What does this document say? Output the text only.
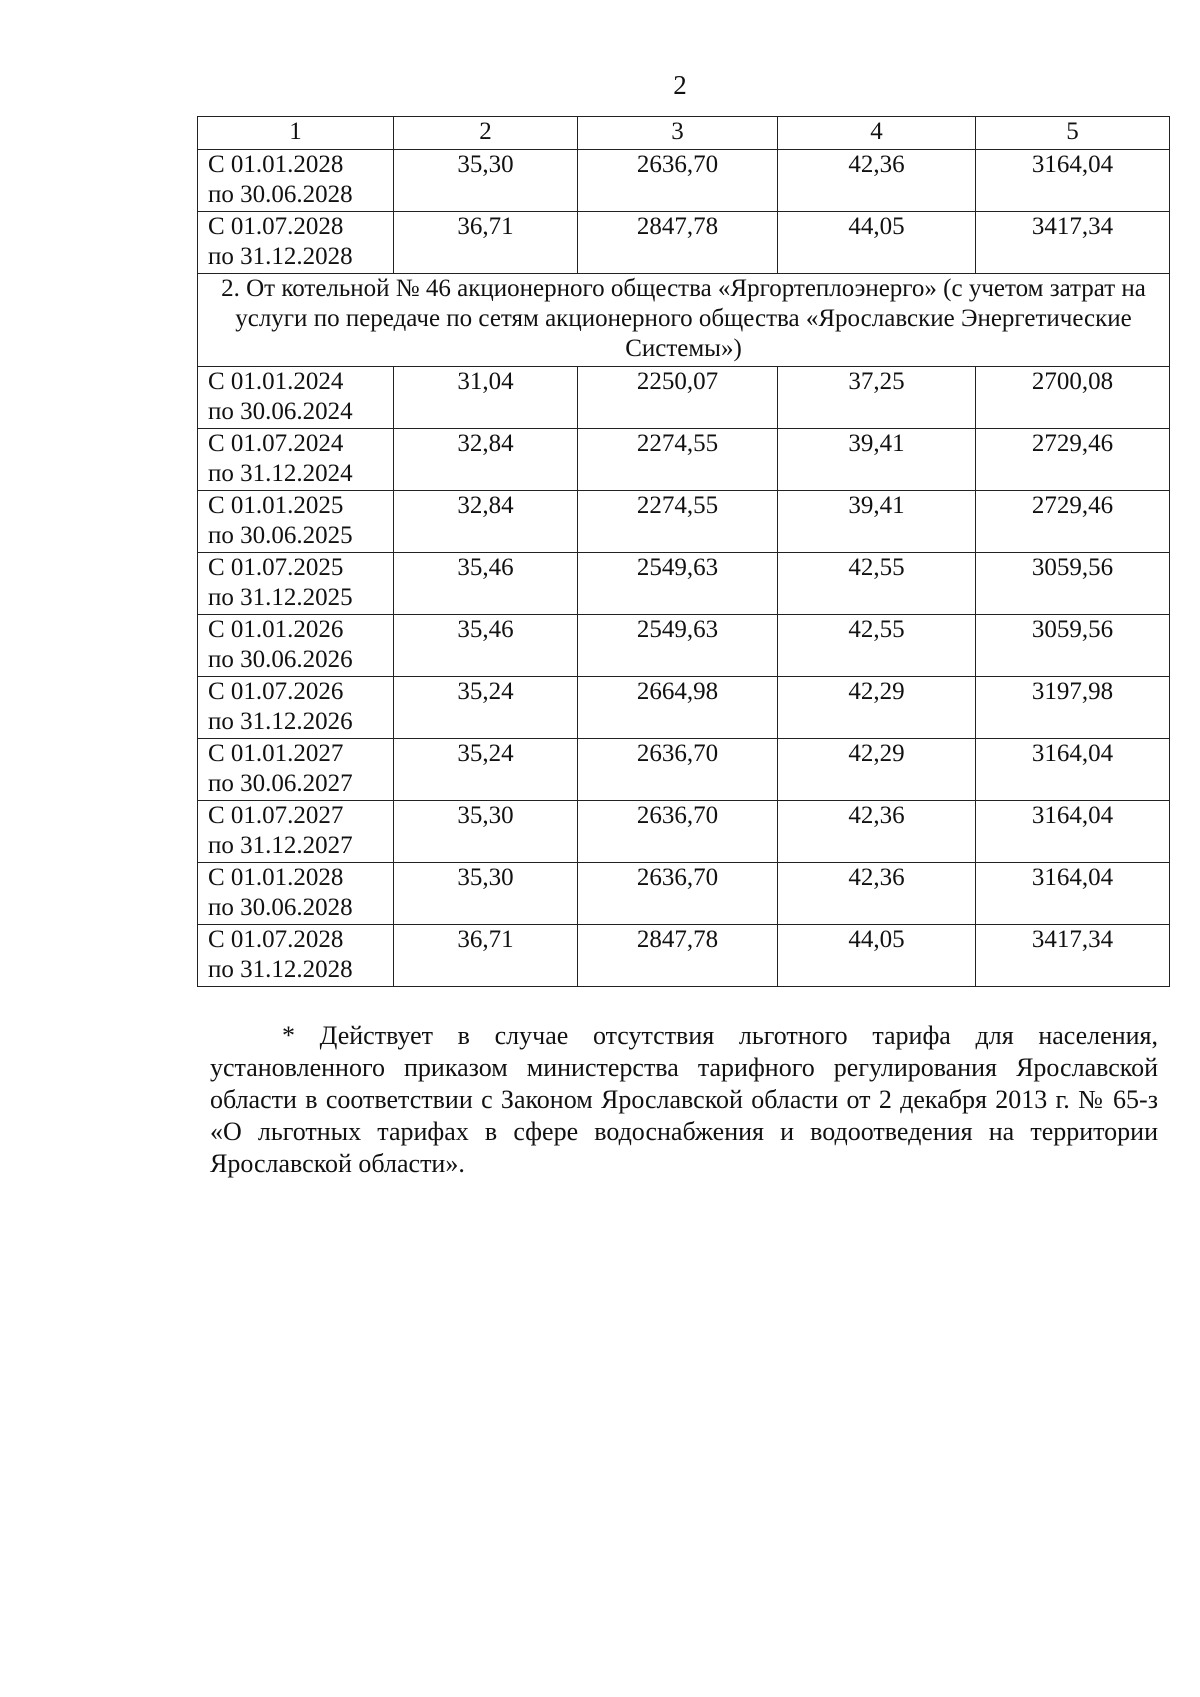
2
1	2	3	4	5

С 01.01.2028
по 30.06.2028	35,30	2636,70	42,36	3164,04

С 01.07.2028
по 31.12.2028	36,71	2847,78	44,05	3417,34
2. От котельной № 46 акционерного общества «Яргортеплоэнерго» (с учетом затрат на услуги по передаче по сетям акционерного общества «Ярославские Энергетические Системы»)				

С 01.01.2024
по 30.06.2024	31,04	2250,07	37,25	2700,08

С 01.07.2024
по 31.12.2024	32,84	2274,55	39,41	2729,46

С 01.01.2025
по 30.06.2025	32,84	2274,55	39,41	2729,46

С 01.07.2025
по 31.12.2025	35,46	2549,63	42,55	3059,56

С 01.01.2026
по 30.06.2026	35,46	2549,63	42,55	3059,56

С 01.07.2026
по 31.12.2026	35,24	2664,98	42,29	3197,98

С 01.01.2027
по 30.06.2027	35,24	2636,70	42,29	3164,04

С 01.07.2027
по 31.12.2027	35,30	2636,70	42,36	3164,04

С 01.01.2028
по 30.06.2028	35,30	2636,70	42,36	3164,04

С 01.07.2028
по 31.12.2028	36,71	2847,78	44,05	3417,34

* Действует в случае отсутствия льготного тарифа для населения, установленного приказом министерства тарифного регулирования Ярославской области в соответствии с Законом Ярославской области от 2 декабря 2013 г. № 65-з «О льготных тарифах в сфере водоснабжения и водоотведения на территории Ярославской области».
